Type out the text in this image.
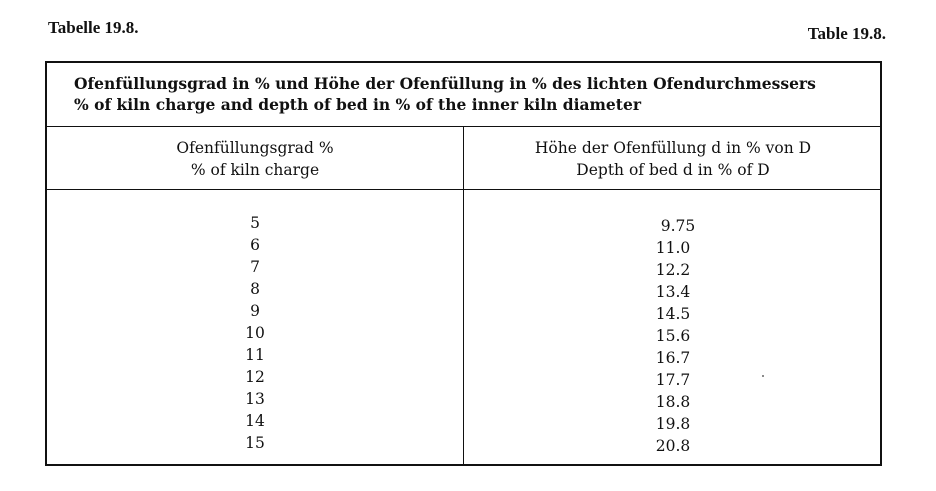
Tabelle 19.8.	Table 19.8.
Ofenfüllungsgrad in % und Höhe der Ofenfüllung in % des lichten Ofendurchmessers
% of kiln charge and depth of bed in % of the inner kiln diameter
Ofenfüllungsgrad %
% of kiln charge
Höhe der Ofenfüllung d in % von D
Depth of bed d in % of D
5
6
7
8
9
10
11
12
13
14
15
9.75
11.0
12.2
13.4
14.5
15.6
16.7
17.7
18.8
19.8
20.8
